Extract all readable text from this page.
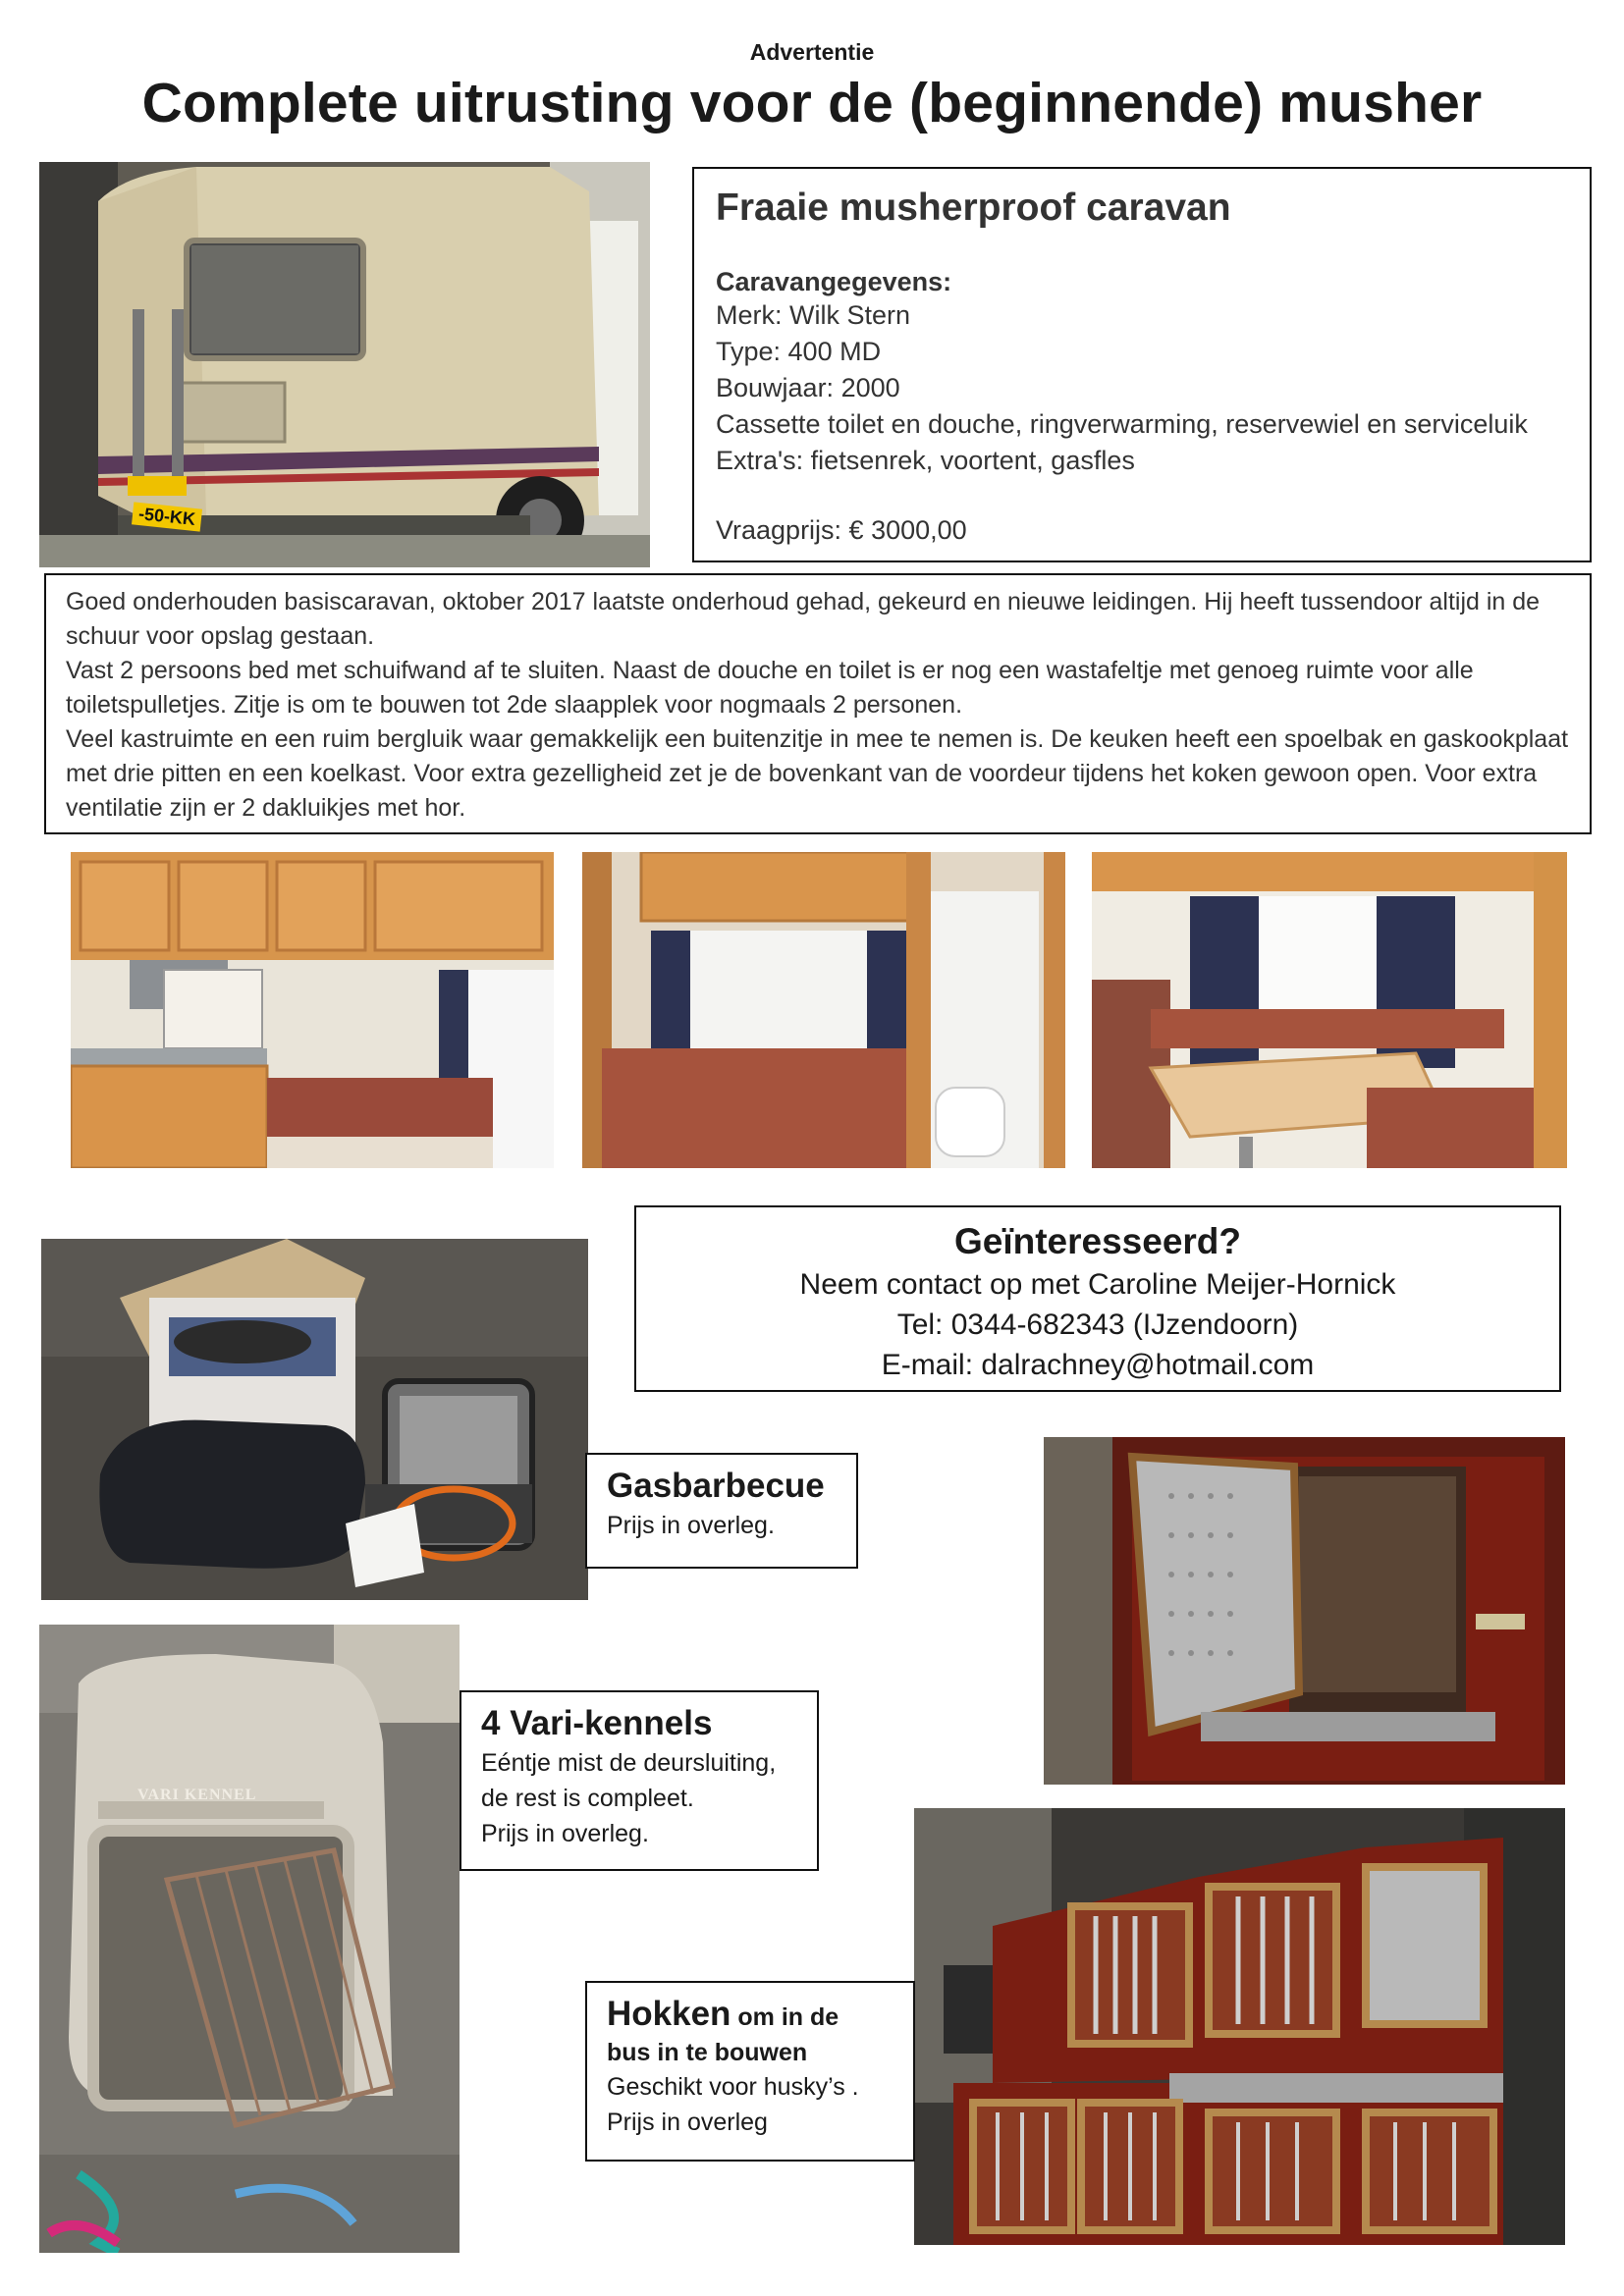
Advertentie
Complete uitrusting voor de (beginnende) musher
-50-KK
Fraaie musherproof caravan
Caravangegevens:
Merk: Wilk Stern
Type: 400 MD
Bouwjaar: 2000
Cassette toilet en douche, ringverwarming, reservewiel en serviceluik
Extra's: fietsenrek, voortent, gasfles
Vraagprijs: € 3000,00

Goed onderhouden basiscaravan, oktober 2017 laatste onderhoud gehad, gekeurd en nieuwe leidingen. Hij heeft tussendoor altijd in de schuur voor opslag gestaan.

Vast 2 persoons bed met schuifwand af te sluiten. Naast de douche en toilet is er nog een wastafeltje met genoeg ruimte voor alle toiletspulletjes. Zitje is om te bouwen tot 2de slaapplek voor nogmaals 2 personen.

Veel kastruimte en een ruim bergluik waar gemakkelijk een buitenzitje in mee te nemen is. De keuken heeft een spoelbak en gaskookplaat met drie pitten en een koelkast. Voor extra gezelligheid zet je de bovenkant van de voordeur tijdens het koken gewoon open. Voor extra ventilatie zijn er 2 dakluikjes met hor.

Geïnteresseerd?
Neem contact op met Caroline Meijer-Hornick
Tel: 0344-682343 (IJzendoorn)
E-mail: dalrachney@hotmail.com
Gasbarbecue
Prijs in overleg.
VARI KENNEL
4 Vari-kennels
Eéntje mist de deursluiting,
de rest is compleet.
Prijs in overleg.
Hokken om in de
bus in te bouwen
Geschikt voor husky’s .
Prijs in overleg
